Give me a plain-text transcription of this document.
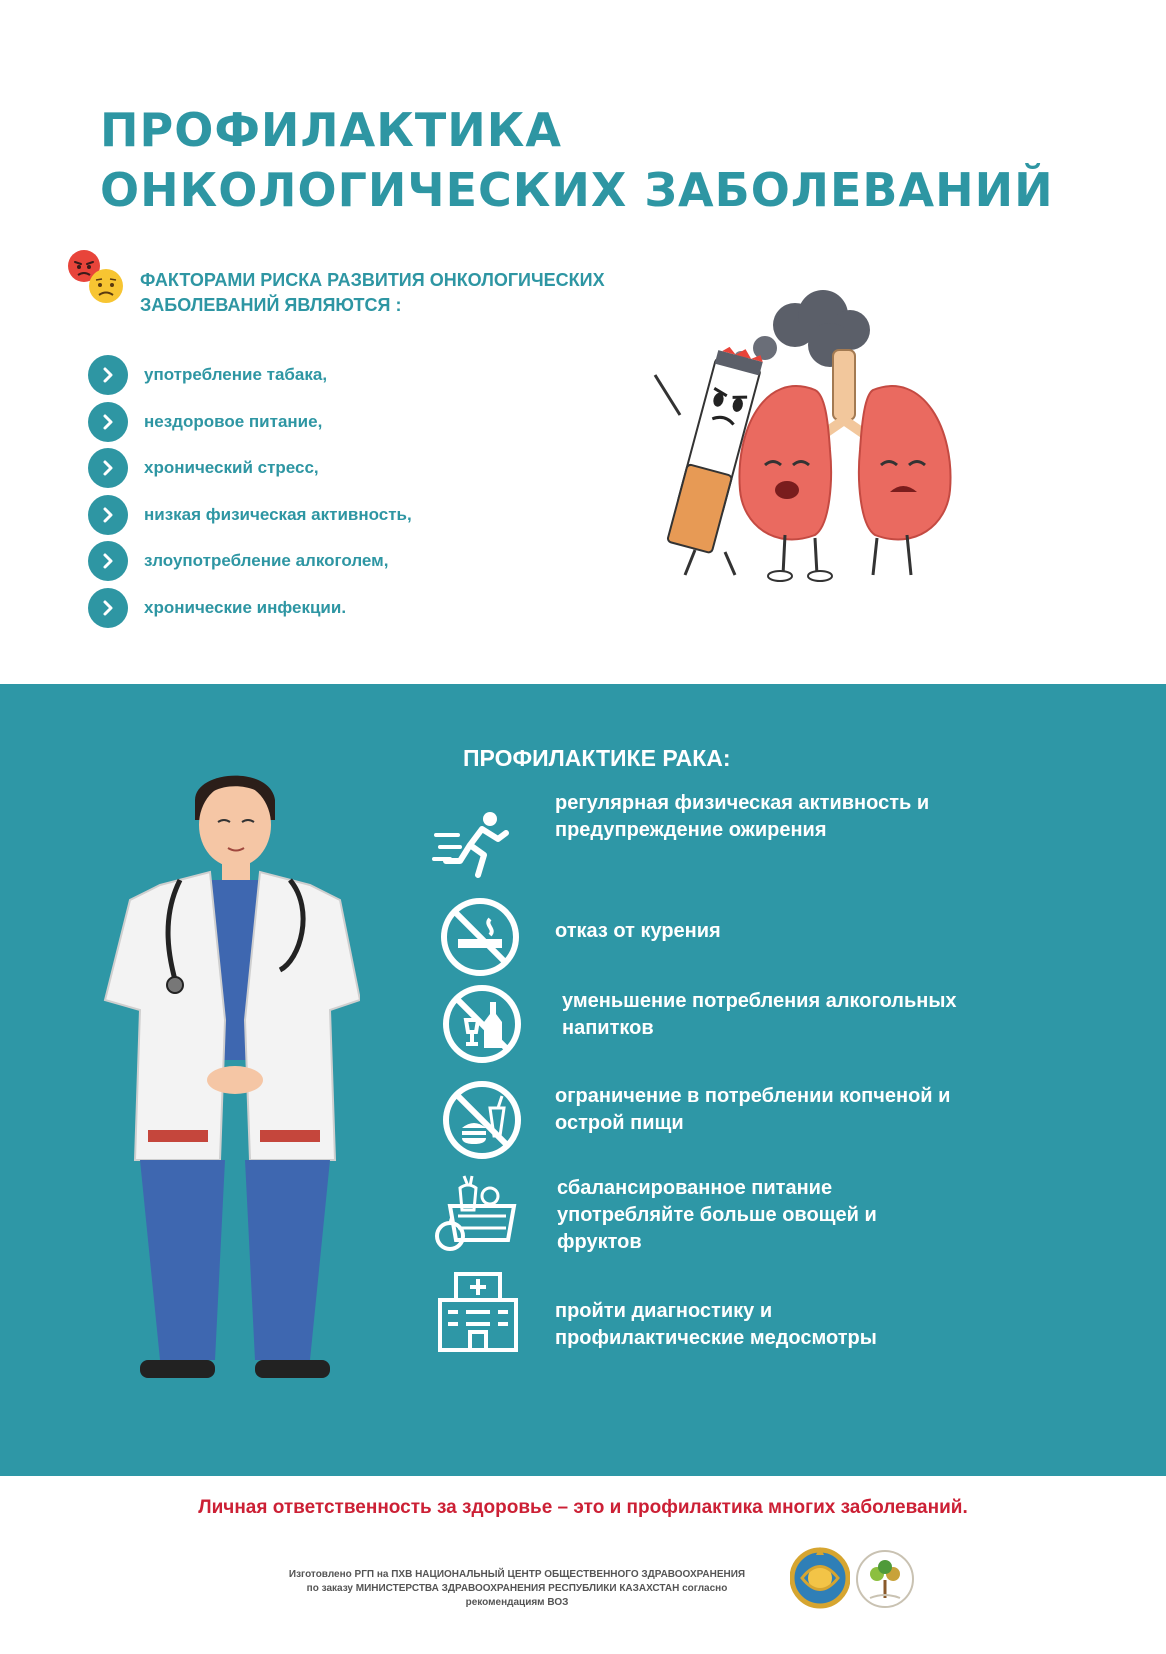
ПРОФИЛАКТИКА
ОНКОЛОГИЧЕСКИХ ЗАБОЛЕВАНИЙ
ФАКТОРАМИ РИСКА РАЗВИТИЯ ОНКОЛОГИЧЕСКИХ
ЗАБОЛЕВАНИЙ ЯВЛЯЮТСЯ :
употребление табака,
нездоровое питание,
хронический стресс,
низкая физическая активность,
злоупотребление алкоголем,
хронические инфекции.
ПРОФИЛАКТИКЕ РАКА:
регулярная физическая активность и
предупреждение ожирения
отказ от курения
уменьшение потребления алкогольных
напитков
ограничение в потреблении копченой и
острой пищи
сбалансированное питание
употребляйте больше овощей и
фруктов
пройти диагностику и
профилактические медосмотры
Личная ответственность за здоровье – это и профилактика многих заболеваний.
Изготовлено РГП на ПХВ НАЦИОНАЛЬНЫЙ ЦЕНТР ОБЩЕСТВЕННОГО ЗДРАВООХРАНЕНИЯ
по заказу МИНИСТЕРСТВА ЗДРАВООХРАНЕНИЯ РЕСПУБЛИКИ КАЗАХСТАН согласно
рекомендациям ВОЗ
